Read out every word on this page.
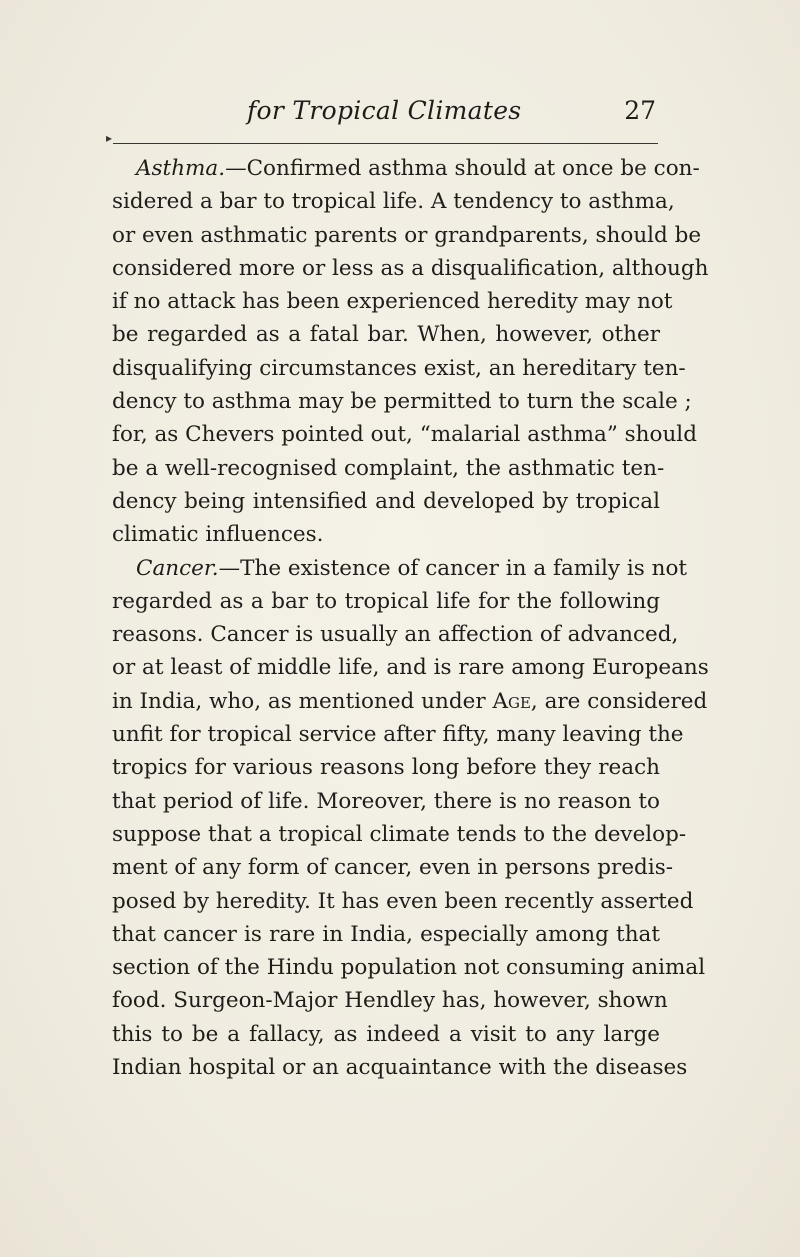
for Tropical Climates	27
▸
Asthma.—Confirmed asthma should at once be con-
sidered a bar to tropical life. A tendency to asthma,
or even asthmatic parents or grandparents, should be
considered more or less as a disqualification, although
if no attack has been experienced heredity may not
be regarded as a fatal bar. When, however, other
disqualifying circumstances exist, an hereditary ten-
dency to asthma may be permitted to turn the scale ;
for, as Chevers pointed out, “malarial asthma” should
be a well-recognised complaint, the asthmatic ten-
dency being intensified and developed by tropical
climatic influences.
Cancer.—The existence of cancer in a family is not
regarded as a bar to tropical life for the following
reasons. Cancer is usually an affection of advanced,
or at least of middle life, and is rare among Europeans
in India, who, as mentioned under Age, are considered
unfit for tropical service after fifty, many leaving the
tropics for various reasons long before they reach
that period of life. Moreover, there is no reason to
suppose that a tropical climate tends to the develop-
ment of any form of cancer, even in persons predis-
posed by heredity. It has even been recently asserted
that cancer is rare in India, especially among that
section of the Hindu population not consuming animal
food. Surgeon-Major Hendley has, however, shown
this to be a fallacy, as indeed a visit to any large
Indian hospital or an acquaintance with the diseases
